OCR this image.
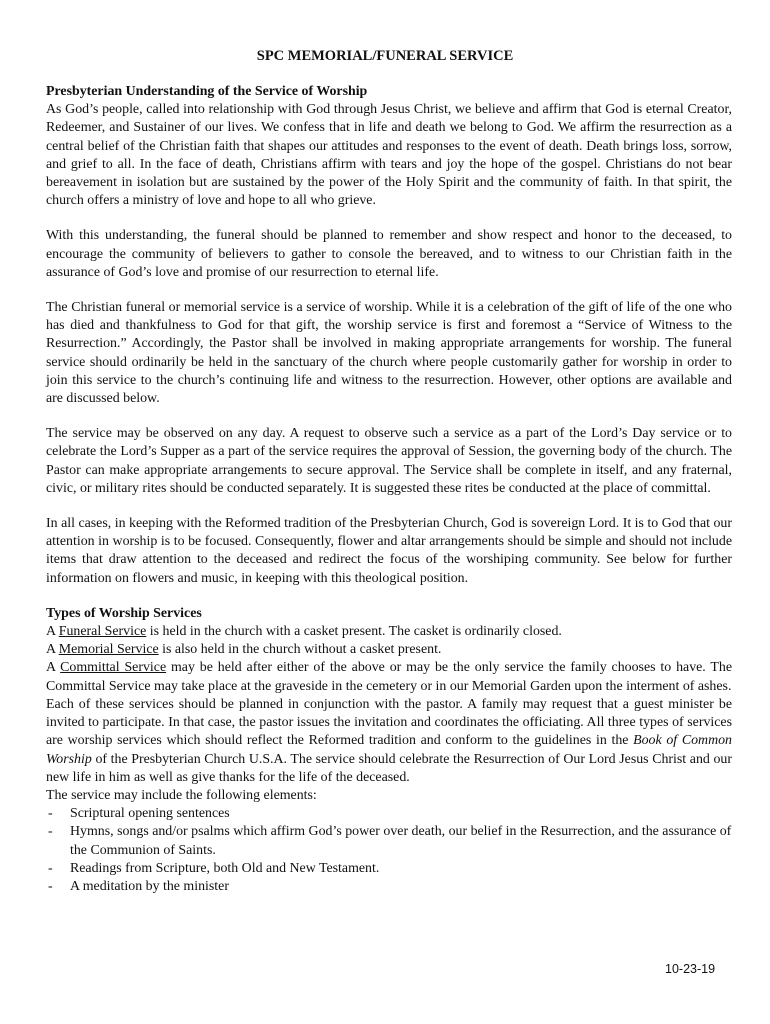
SPC MEMORIAL/FUNERAL SERVICE
Presbyterian Understanding of the Service of Worship

As God’s people, called into relationship with God through Jesus Christ, we believe and affirm that God is eternal Creator, Redeemer, and Sustainer of our lives. We confess that in life and death we belong to God. We affirm the resurrection as a central belief of the Christian faith that shapes our attitudes and responses to the event of death. Death brings loss, sorrow, and grief to all. In the face of death, Christians affirm with tears and joy the hope of the gospel. Christians do not bear bereavement in isolation but are sustained by the power of the Holy Spirit and the community of faith. In that spirit, the church offers a ministry of love and hope to all who grieve.

With this understanding, the funeral should be planned to remember and show respect and honor to the deceased, to encourage the community of believers to gather to console the bereaved, and to witness to our Christian faith in the assurance of God’s love and promise of our resurrection to eternal life.

The Christian funeral or memorial service is a service of worship. While it is a celebration of the gift of life of the one who has died and thankfulness to God for that gift, the worship service is first and foremost a “Service of Witness to the Resurrection.” Accordingly, the Pastor shall be involved in making appropriate arrangements for worship. The funeral service should ordinarily be held in the sanctuary of the church where people customarily gather for worship in order to join this service to the church’s continuing life and witness to the resurrection. However, other options are available and are discussed below.

The service may be observed on any day. A request to observe such a service as a part of the Lord’s Day service or to celebrate the Lord’s Supper as a part of the service requires the approval of Session, the governing body of the church. The Pastor can make appropriate arrangements to secure approval. The Service shall be complete in itself, and any fraternal, civic, or military rites should be conducted separately. It is suggested these rites be conducted at the place of committal.

In all cases, in keeping with the Reformed tradition of the Presbyterian Church, God is sovereign Lord. It is to God that our attention in worship is to be focused. Consequently, flower and altar arrangements should be simple and should not include items that draw attention to the deceased and redirect the focus of the worshiping community. See below for further information on flowers and music, in keeping with this theological position.

Types of Worship Services

A Funeral Service is held in the church with a casket present. The casket is ordinarily closed.

A Memorial Service is also held in the church without a casket present.

A Committal Service may be held after either of the above or may be the only service the family chooses to have. The Committal Service may take place at the graveside in the cemetery or in our Memorial Garden upon the interment of ashes.

Each of these services should be planned in conjunction with the pastor. A family may request that a guest minister be invited to participate. In that case, the pastor issues the invitation and coordinates the officiating. All three types of services are worship services which should reflect the Reformed tradition and conform to the guidelines in the Book of Common Worship of the Presbyterian Church U.S.A. The service should celebrate the Resurrection of Our Lord Jesus Christ and our new life in him as well as give thanks for the life of the deceased.

The service may include the following elements:

- Scriptural opening sentences
- Hymns, songs and/or psalms which affirm God’s power over death, our belief in the Resurrection, and the assurance of the Communion of Saints.
- Readings from Scripture, both Old and New Testament.
- A meditation by the minister
10-23-19
